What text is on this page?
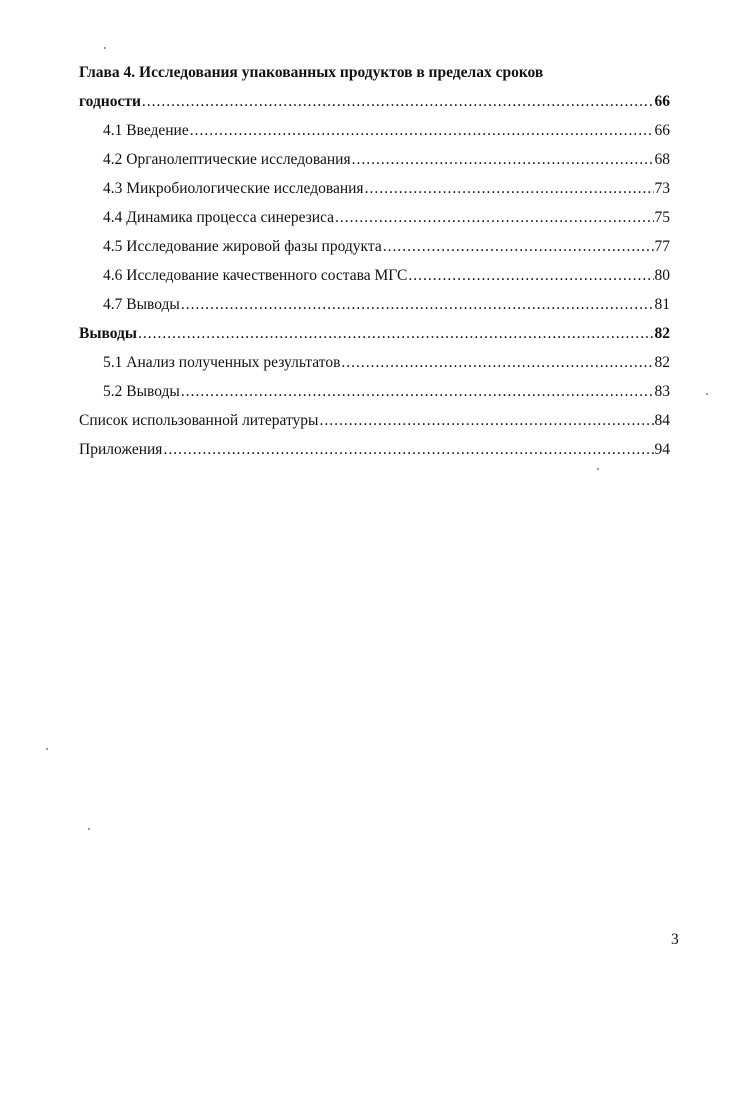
Глава 4. Исследования упакованных продуктов в пределах сроков
годности .....	66
4.1 Введение .....	66
4.2 Органолептические исследования .....	68
4.3 Микробиологические исследования .....	73
4.4 Динамика процесса синерезиса .....	75
4.5 Исследование жировой фазы продукта .....	77
4.6 Исследование качественного состава МГС .....	80
4.7 Выводы .....	81
Выводы .....	82
5.1 Анализ полученных результатов .....	82
5.2 Выводы .....	83
Список использованной литературы .....	84
Приложения .....	94
3
